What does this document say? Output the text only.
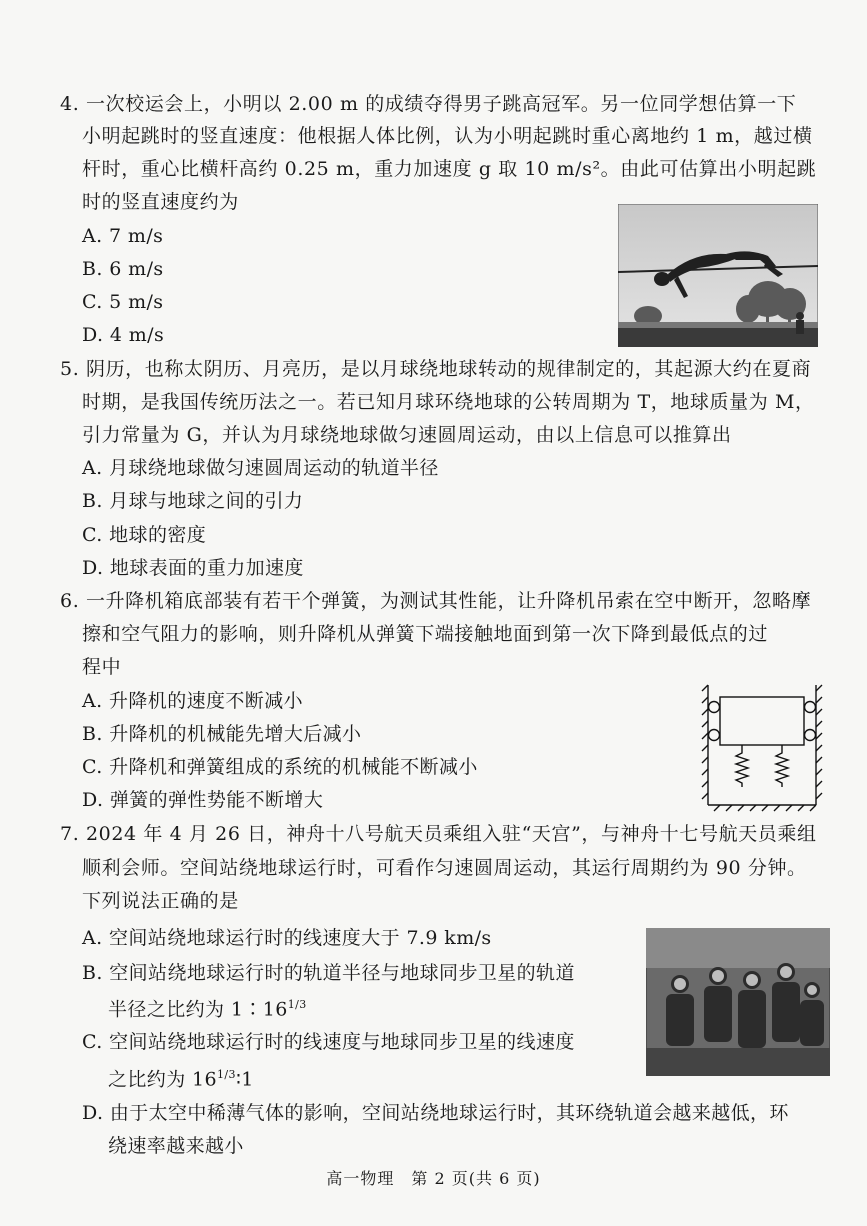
4. 一次校运会上，小明以 2.00 m 的成绩夺得男子跳高冠军。另一位同学想估算一下
小明起跳时的竖直速度：他根据人体比例，认为小明起跳时重心离地约 1 m，越过横
杆时，重心比横杆高约 0.25 m，重力加速度 g 取 10 m/s²。由此可估算出小明起跳
时的竖直速度约为
A. 7 m/s
B. 6 m/s
C. 5 m/s
D. 4 m/s
5. 阴历，也称太阴历、月亮历，是以月球绕地球转动的规律制定的，其起源大约在夏商
时期，是我国传统历法之一。若已知月球环绕地球的公转周期为 T，地球质量为 M，
引力常量为 G，并认为月球绕地球做匀速圆周运动，由以上信息可以推算出
A. 月球绕地球做匀速圆周运动的轨道半径
B. 月球与地球之间的引力
C. 地球的密度
D. 地球表面的重力加速度
6. 一升降机箱底部装有若干个弹簧，为测试其性能，让升降机吊索在空中断开，忽略摩
擦和空气阻力的影响，则升降机从弹簧下端接触地面到第一次下降到最低点的过
程中
A. 升降机的速度不断减小
B. 升降机的机械能先增大后减小
C. 升降机和弹簧组成的系统的机械能不断减小
D. 弹簧的弹性势能不断增大
7. 2024 年 4 月 26 日，神舟十八号航天员乘组入驻“天宫”，与神舟十七号航天员乘组
顺利会师。空间站绕地球运行时，可看作匀速圆周运动，其运行周期约为 90 分钟。
下列说法正确的是
A. 空间站绕地球运行时的线速度大于 7.9 km/s
B. 空间站绕地球运行时的轨道半径与地球同步卫星的轨道
半径之比约为 $1∶16^{1/3}$
C. 空间站绕地球运行时的线速度与地球同步卫星的线速度
之比约为 $16^{1/3}∶1$
D. 由于太空中稀薄气体的影响，空间站绕地球运行时，其环绕轨道会越来越低，环
绕速率越来越小
高一物理　第 2 页(共 6 页)
